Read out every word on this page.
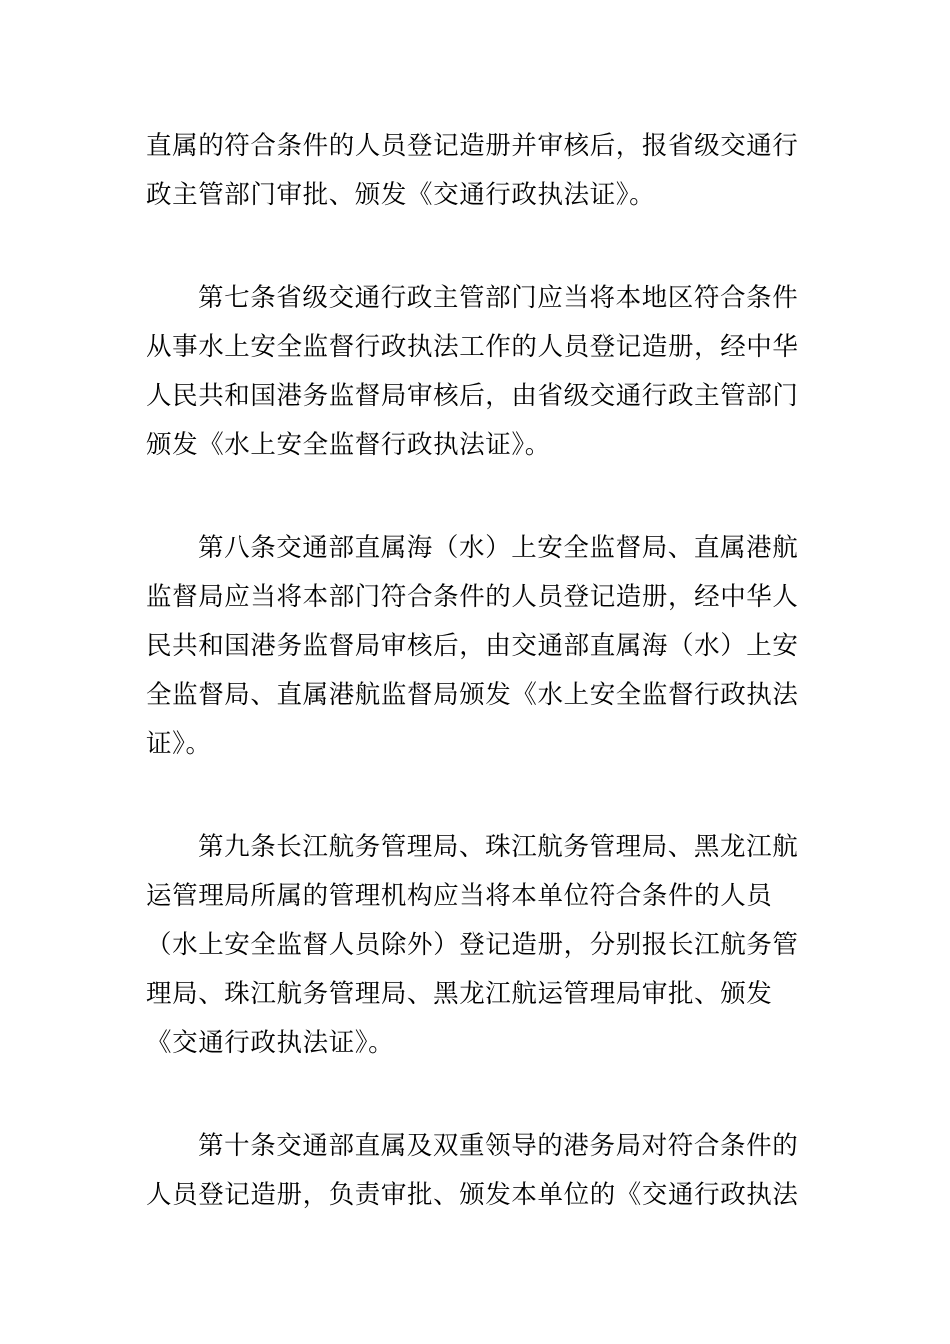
直属的符合条件的人员登记造册并审核后，报省级交通行
政主管部门审批、颁发《交通行政执法证》。
第七条省级交通行政主管部门应当将本地区符合条件
从事水上安全监督行政执法工作的人员登记造册，经中华
人民共和国港务监督局审核后，由省级交通行政主管部门
颁发《水上安全监督行政执法证》。
第八条交通部直属海（水）上安全监督局、直属港航
监督局应当将本部门符合条件的人员登记造册，经中华人
民共和国港务监督局审核后，由交通部直属海（水）上安
全监督局、直属港航监督局颁发《水上安全监督行政执法
证》。
第九条长江航务管理局、珠江航务管理局、黑龙江航
运管理局所属的管理机构应当将本单位符合条件的人员
（水上安全监督人员除外）登记造册，分别报长江航务管
理局、珠江航务管理局、黑龙江航运管理局审批、颁发
《交通行政执法证》。
第十条交通部直属及双重领导的港务局对符合条件的
人员登记造册，负责审批、颁发本单位的《交通行政执法
